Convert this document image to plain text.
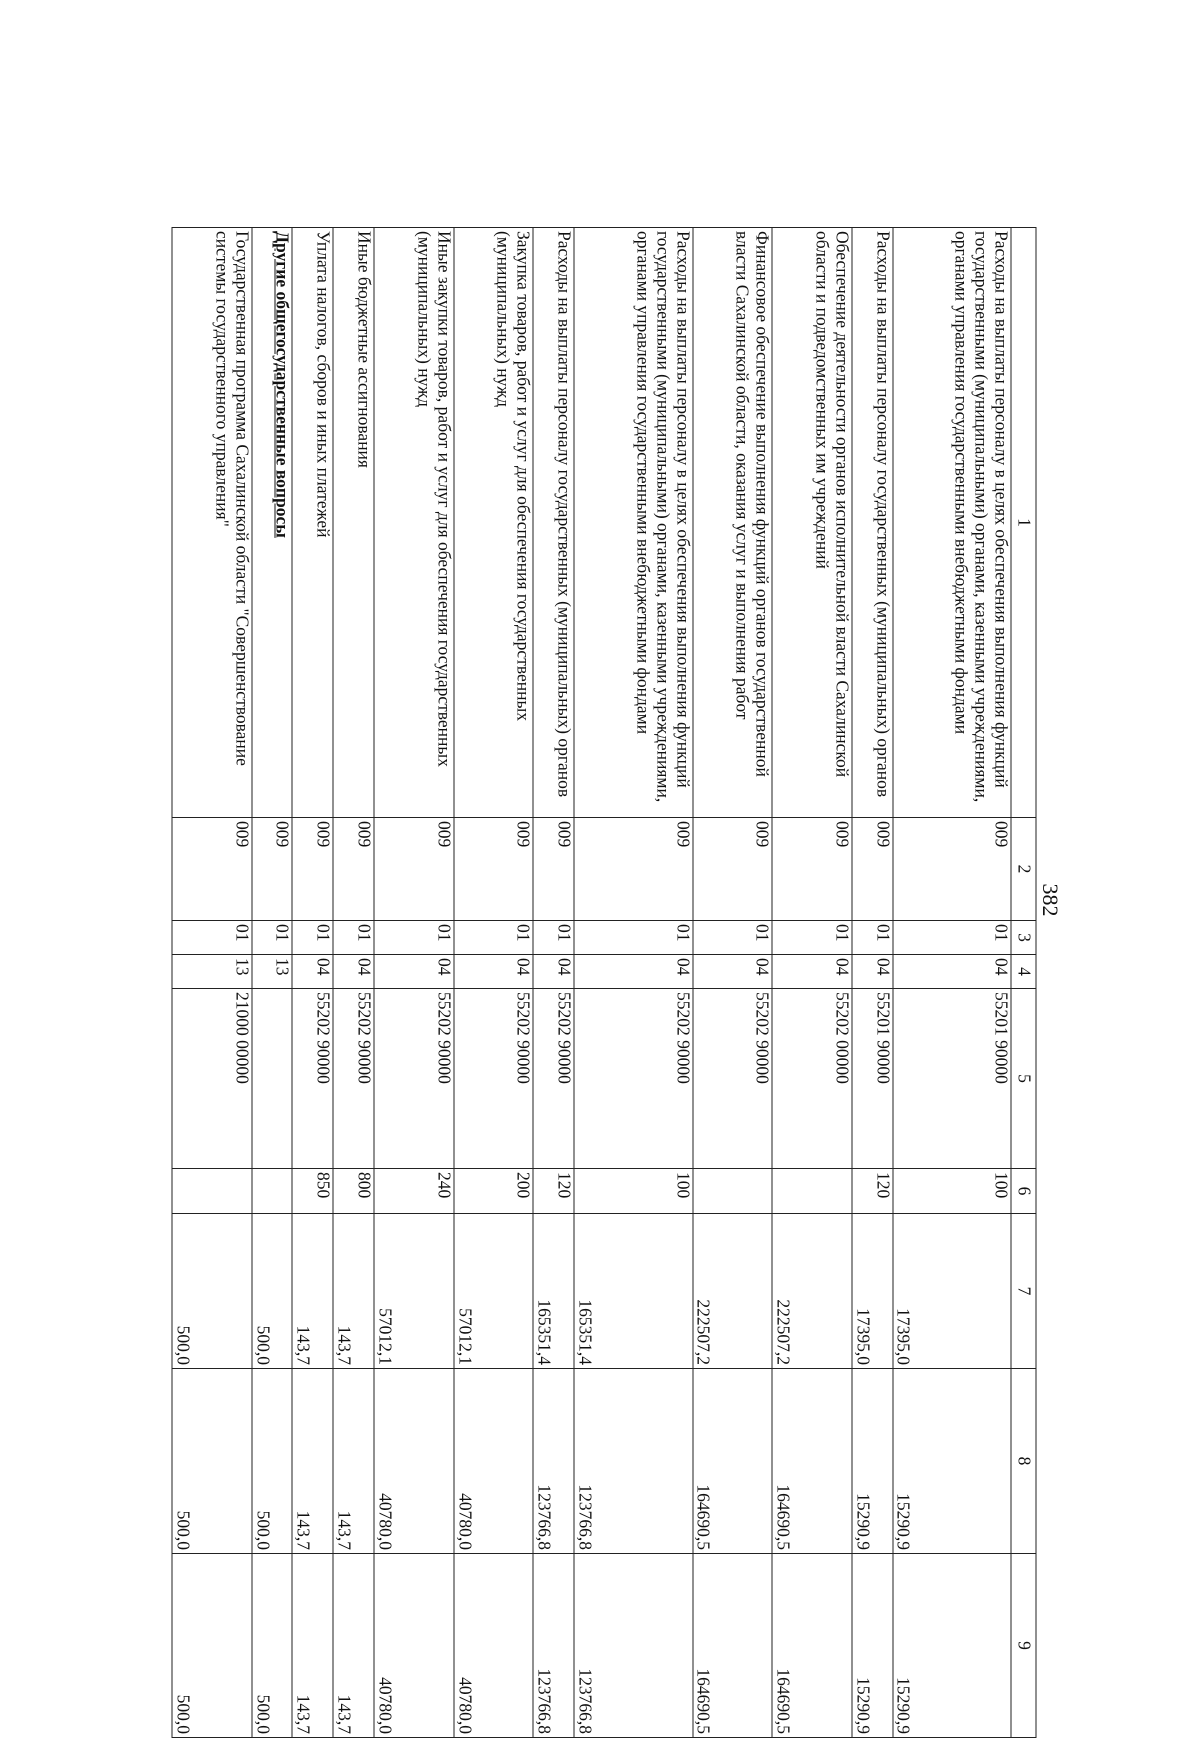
382
1	2	3	4	5	6	7	8	9
Расходы на выплаты персоналу в целях обеспечения выполнения функций государственными (муниципальными) органами, казенными учреждениями, органами управления государственными внебюджетными фондами	009	01	04	55201 90000	100	17395,0	15290,9	15290,9
Расходы на выплаты персоналу государственных (муниципальных) органов	009	01	04	55201 90000	120	17395,0	15290,9	15290,9
Обеспечение деятельности органов исполнительной власти Сахалинской области и подведомственных им учреждений	009	01	04	55202 00000		222507,2	164690,5	164690,5
Финансовое обеспечение выполнения функций органов государственной власти Сахалинской области, оказания услуг и выполнения работ	009	01	04	55202 90000		222507,2	164690,5	164690,5
Расходы на выплаты персоналу в целях обеспечения выполнения функций государственными (муниципальными) органами, казенными учреждениями, органами управления государственными внебюджетными фондами	009	01	04	55202 90000	100	165351,4	123766,8	123766,8
Расходы на выплаты персоналу государственных (муниципальных) органов	009	01	04	55202 90000	120	165351,4	123766,8	123766,8
Закупка товаров, работ и услуг для обеспечения государственных (муниципальных) нужд	009	01	04	55202 90000	200	57012,1	40780,0	40780,0
Иные закупки товаров, работ и услуг для обеспечения государственных (муниципальных) нужд	009	01	04	55202 90000	240	57012,1	40780,0	40780,0
Иные бюджетные ассигнования	009	01	04	55202 90000	800	143,7	143,7	143,7
Уплата налогов, сборов и иных платежей	009	01	04	55202 90000	850	143,7	143,7	143,7
Другие общегосударственные вопросы	009	01	13			500,0	500,0	500,0
Государственная программа Сахалинской области "Совершенствование системы государственного управления"	009	01	13	21000 00000		500,0	500,0	500,0
